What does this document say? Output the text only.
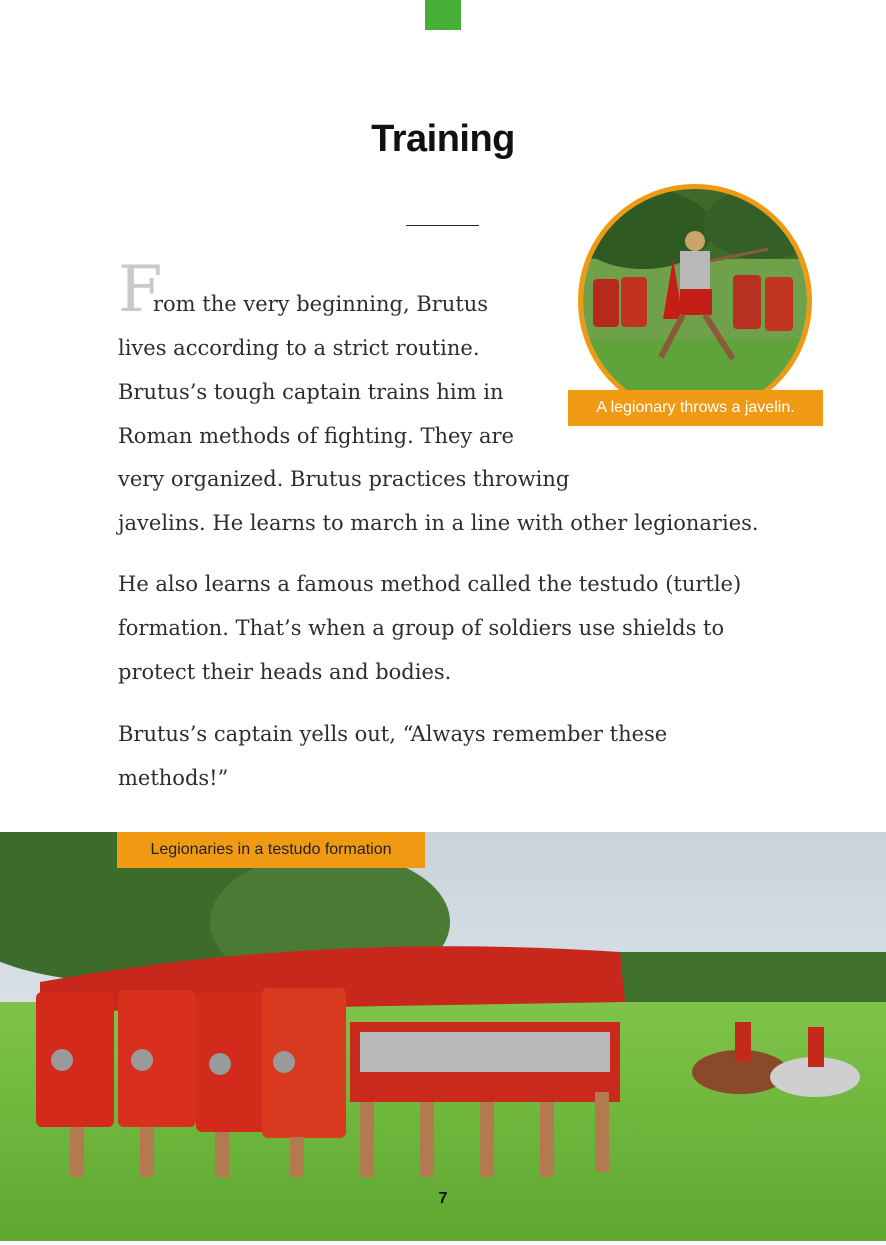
Training
A legionary throws a javelin.
F
rom the very beginning, Brutus
lives according to a strict routine.
Brutus’s tough captain trains him in
Roman methods of fighting. They are
very organized. Brutus practices throwing
javelins. He learns to march in a line with other legionaries.
He also learns a famous method called the testudo (turtle)
formation. That’s when a group of soldiers use shields to
protect their heads and bodies.
Brutus’s captain yells out, “Always remember these
methods!”
Legionaries in a testudo formation
7
